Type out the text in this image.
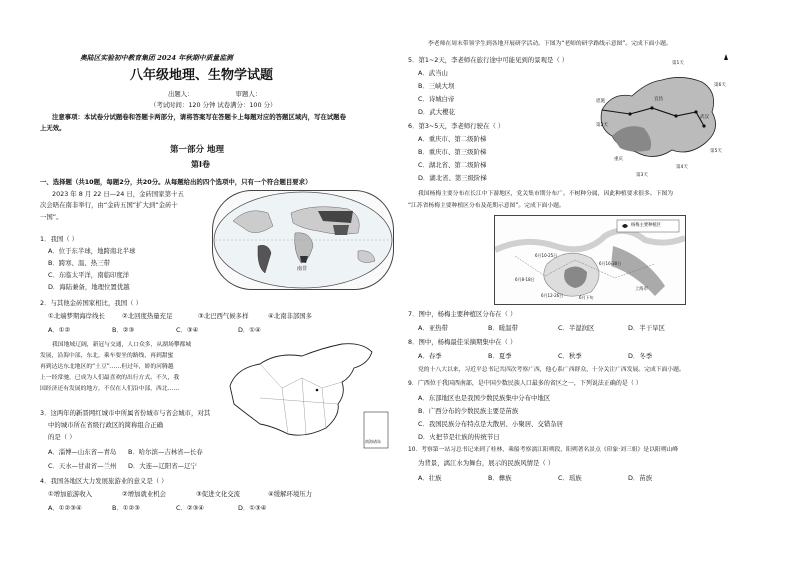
奥陆区实验初中教育集团 2024 年秋期中质量监测
八年级地理、生物学试题
出题人：	审题人：
（考试时间：120 分钟 试卷满分：100 分）
注意事项：本试卷分试题卷和答题卡两部分，请将答案写在答题卡上每题对应的答题区域内，写在试题卷
上无效。
第一部分 地理
第Ⅰ卷
一、选择题（共10题，每题2分，共20分。从每题给出的四个选项中，只有一个符合题目要求）
2023 年 8 月 22 日—24 日，金砖国家第十五
次会晤在南非举行，由“金砖五国”扩大到“金砖十
一国”。
南非
1．我国（ ）
A．位于东半球，地跨南北半球
B．跨寒、温、热三带
C．东临太平洋，南临印度洋
D．海陆兼备，地理位置优越
2．与其他金砖国家相比，我国（ ）
①北端梦期海岸线长	②北回度热量充足	③北巴西气候多样	④北南非部国多
A．①②	B．②③	C．③④	D．①④
我国地域辽阔，新冠与交通，人口众多，从湖场攀都城
发展，沿海中部，东北，乘车要坐的路线，再到甜蜜
再到达达东北地区的“土豆”……但过年，娇的河腾越
上一经常驰，已成为人们最喜欢的出行方式。不久，我
国经济还有发展的地方，不仅在人们沿中部，西北……
南海诸岛
3．这两年的新晋网红城市中所属省份城市与省会城市，对其
中的城市所在省级行政区的简称组合正确
的是（ ）
A．淄博—山东省—青岛 B．哈尔滨—吉林省—长春
C．天水—甘肃省—兰州 D．大连—辽阳省—辽宁
4．我国各地区大力发展旅游业的意义是（ ）
①增加旅游收入	②增加就业机会	③促进文化交流	④缓解环境压力
A．①②③④	B．①②③	C．②③④	D．①③④
李老师在周末带领学生到各地开展研学活动。下图为“老师的研学路线示意图”。完成下面小题。
5．第1~2天，李老师在旅行途中可能见到的景观是（ ）
A．武当山
B．三峡大坝
C．诗城白帝
D．武大樱花
6．第3~5天，李老师行驶在（ ）
A．重庆市、第二级阶梯
B．重庆市、第三级阶梯
C．湖北省、第二级阶梯
D．湖北省、第三级阶梯
恩施	宜昌
武汉
重庆
第1天
第2天
第3天
第4天
第5天
第6天
我国杨梅主要分布在长江中下游地区，党关集市期分布广。不树种分属，因此种植要求很多。下图为
“江苏省杨梅主要种植区分布及花期示意图”。完成下面小题。
杨梅主要种植区
上海市
6月10-25日
6月16-30日
6月8-18日
6月12-26日	6月下旬
7．图中，杨梅主要种植区分布在（ ）
A．亚热带	B．暖温带	C．半湿润区	D．半干旱区
8．图中，杨梅最佳采摘期集中在（ ）
A．春季	B．夏季	C．秋季	D．冬季
党的十八大以来，习近平总书记共四次考察广西，他心系广西群众，十分关注广西发展。完成下面小题。
9．广西位于我国西南部，是中国少数民族人口最多的省区之一，下列说法正确的是（ ）
A．东部地区也是我国少数民族集中分布中地区
B．广西分布的少数民族主要是苗族
C．我国民族分布特点是大散居、小聚居、交错杂居
D．火把节是壮族的传统节日
10．考察第一站习总书记来到了桂林，乘船考察漓江阳朔段，阳朔著名景点《印象·刘三姐》是以阳朔山峰
为背景，漓江水为舞台，展示的民族风情是（ ）
A．壮族	B．彝族	C．瑶族	D．苗族
